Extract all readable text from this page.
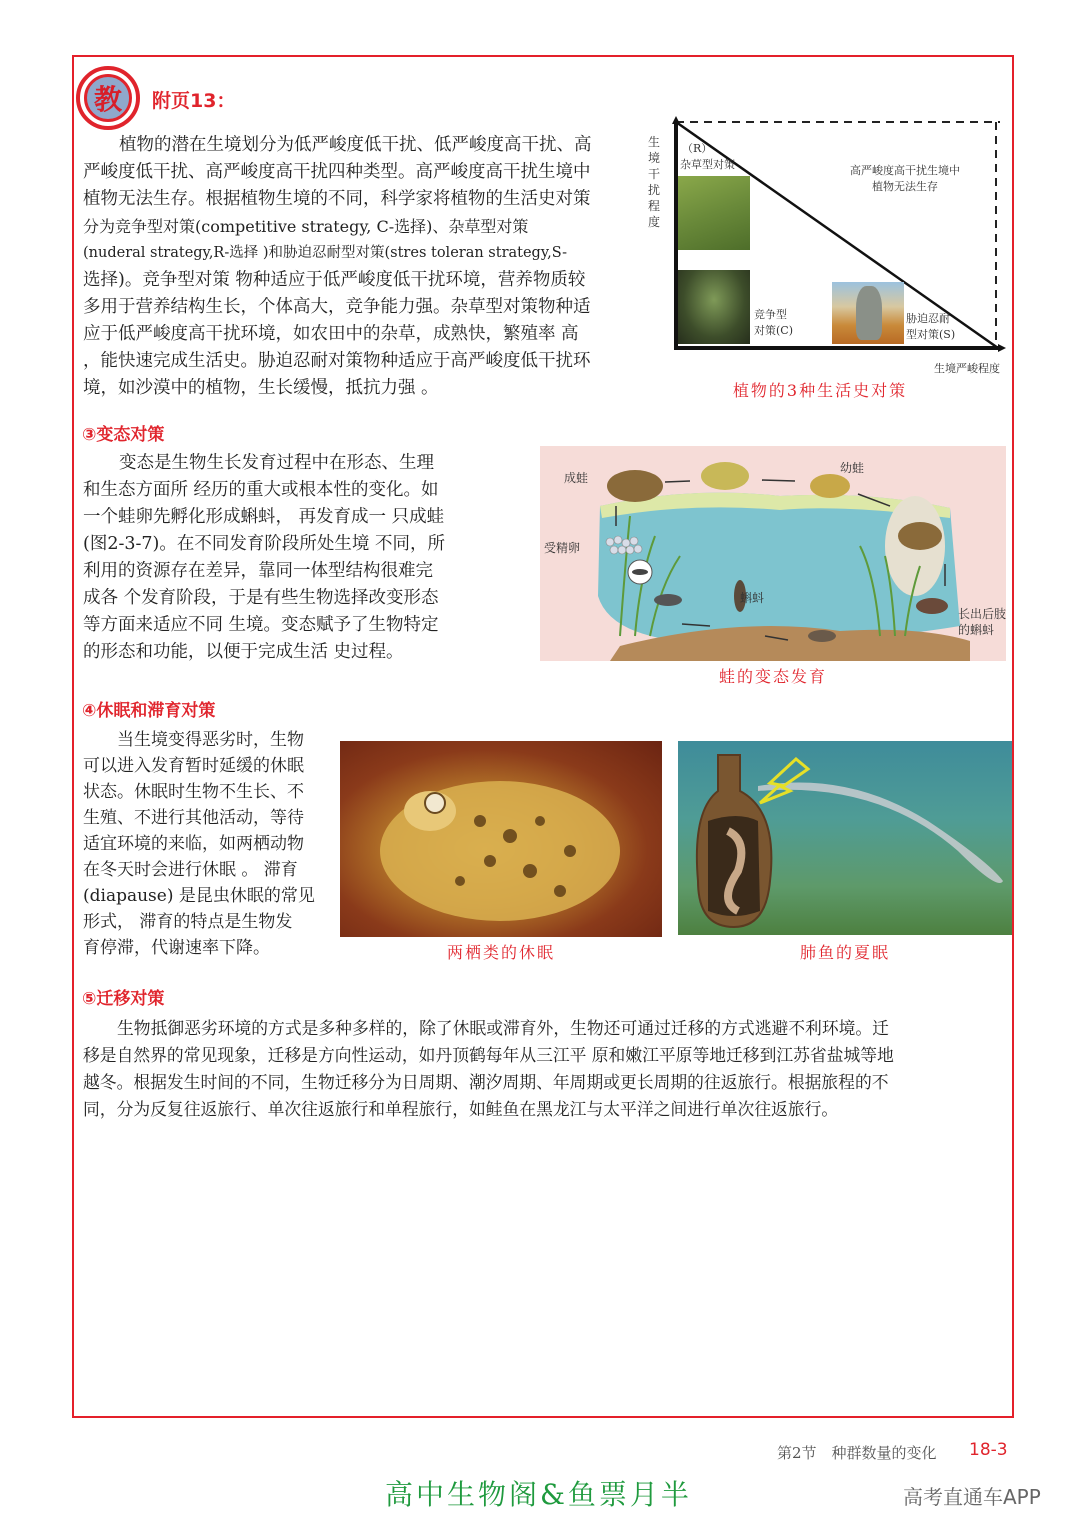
教	附页13：
植物的潜在生境划分为低严峻度低干扰、低严峻度高干扰、高
严峻度低干扰、高严峻度高干扰四种类型。高严峻度高干扰生境中
植物无法生存。根据植物生境的不同，科学家将植物的生活史对策
分为竞争型对策(competitive strategy, C-选择)、杂草型对策
(nuderal strategy,R-选择 )和胁迫忍耐型对策(stres toleran strategy,S-
选择)。竞争型对策 物种适应于低严峻度低干扰环境，营养物质较
多用于营养结构生长，个体高大，竞争能力强。杂草型对策物种适
应于低严峻度高干扰环境，如农田中的杂草，成熟快，繁殖率 高
，能快速完成生活史。胁迫忍耐对策物种适应于高严峻度低干扰环
境，如沙漠中的植物，生长缓慢，抵抗力强 。
生境干扰程度
生境严峻程度
（R）
杂草型对策
竞争型
对策(C)
胁迫忍耐
型对策(S)
高严峻度高干扰生境中
植物无法生存
植物的3种生活史对策
③变态对策
变态是生物生长发育过程中在形态、生理
和生态方面所 经历的重大或根本性的变化。如
一个蛙卵先孵化形成蝌蚪， 再发育成一 只成蛙
(图2-3-7)。在不同发育阶段所处生境 不同，所
利用的资源存在差异，靠同一体型结构很难完
成各 个发育阶段，于是有些生物选择改变形态
等方面来适应不同 生境。变态赋予了生物特定
的形态和功能，以便于完成生活 史过程。
成蛙
幼蛙
受精卵
蝌蚪
长出后肢
的蝌蚪
蛙的变态发育
④休眠和滞育对策
当生境变得恶劣时，生物
可以进入发育暂时延缓的休眠
状态。休眠时生物不生长、不
生殖、不进行其他活动，等待
适宜环境的来临，如两栖动物
在冬天时会进行休眠 。 滞育
(diapause) 是昆虫休眠的常见
形式， 滞育的特点是生物发
育停滞，代谢速率下降。	两栖类的休眠	肺鱼的夏眠
⑤迁移对策
生物抵御恶劣环境的方式是多种多样的，除了休眠或滞育外，生物还可通过迁移的方式逃避不利环境。迁
移是自然界的常见现象，迁移是方向性运动，如丹顶鹤每年从三江平 原和嫩江平原等地迁移到江苏省盐城等地
越冬。根据发生时间的不同，生物迁移分为日周期、潮汐周期、年周期或更长周期的往返旅行。根据旅程的不
同，分为反复往返旅行、单次往返旅行和单程旅行，如鲑鱼在黑龙江与太平洋之间进行单次往返旅行。
第2节　种群数量的变化 18-3
高中生物阁&鱼票月半	高考直通车APP
